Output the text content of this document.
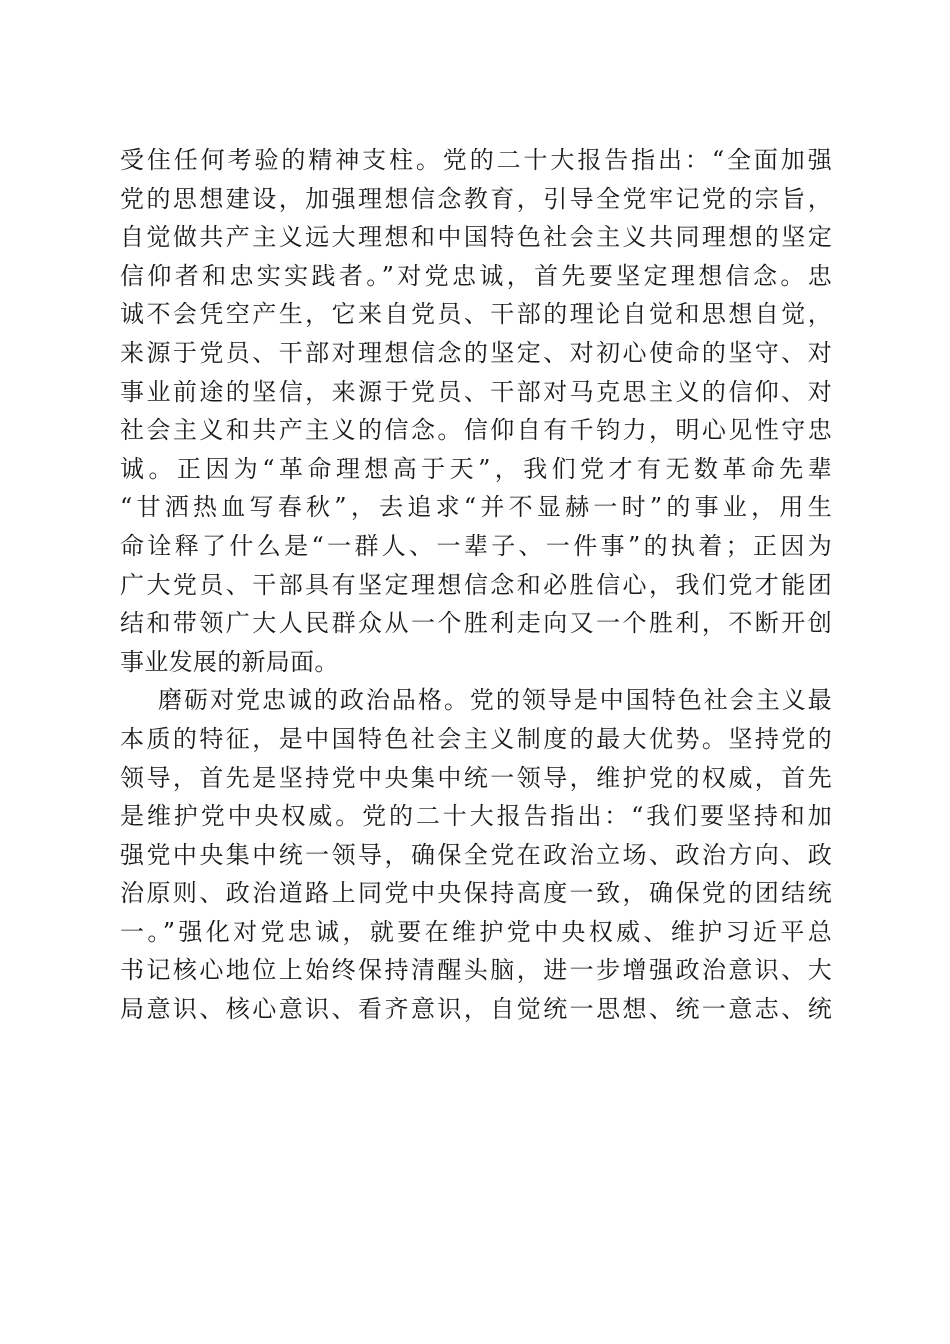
受住任何考验的精神支柱。党的二十大报告指出：“全面加强
党的思想建设，加强理想信念教育，引导全党牢记党的宗旨，
自觉做共产主义远大理想和中国特色社会主义共同理想的坚定
信仰者和忠实实践者。”对党忠诚，首先要坚定理想信念。忠
诚不会凭空产生，它来自党员、干部的理论自觉和思想自觉，
来源于党员、干部对理想信念的坚定、对初心使命的坚守、对
事业前途的坚信，来源于党员、干部对马克思主义的信仰、对
社会主义和共产主义的信念。信仰自有千钧力，明心见性守忠
诚。正因为“革命理想高于天”，我们党才有无数革命先辈
“甘洒热血写春秋”，去追求“并不显赫一时”的事业，用生
命诠释了什么是“一群人、一辈子、一件事”的执着；正因为
广大党员、干部具有坚定理想信念和必胜信心，我们党才能团
结和带领广大人民群众从一个胜利走向又一个胜利，不断开创
事业发展的新局面。
磨砺对党忠诚的政治品格。党的领导是中国特色社会主义最
本质的特征，是中国特色社会主义制度的最大优势。坚持党的
领导，首先是坚持党中央集中统一领导，维护党的权威，首先
是维护党中央权威。党的二十大报告指出：“我们要坚持和加
强党中央集中统一领导，确保全党在政治立场、政治方向、政
治原则、政治道路上同党中央保持高度一致，确保党的团结统
一。”强化对党忠诚，就要在维护党中央权威、维护习近平总
书记核心地位上始终保持清醒头脑，进一步增强政治意识、大
局意识、核心意识、看齐意识，自觉统一思想、统一意志、统
